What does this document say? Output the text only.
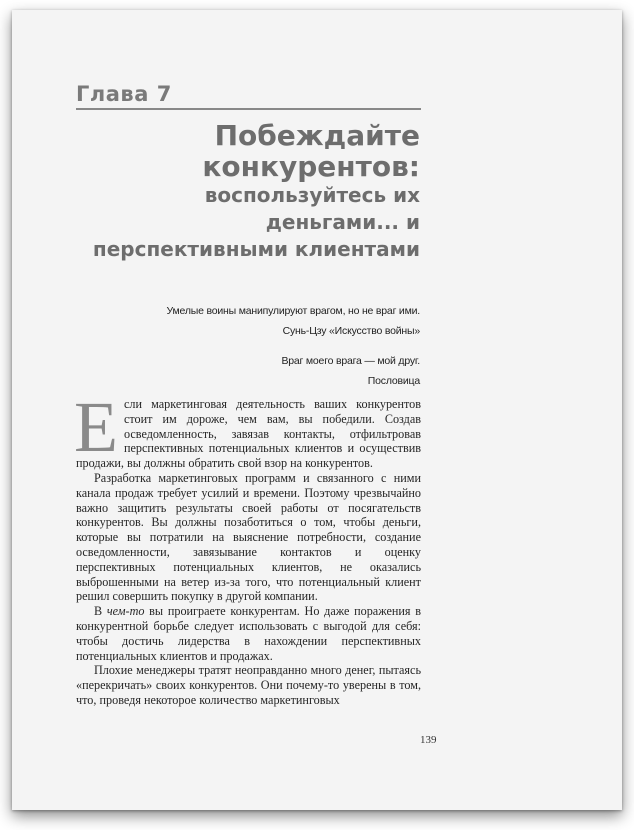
Глава 7
Побеждайте
конкурентов:
воспользуйтесь их
деньгами... и
перспективными клиентами
Умелые воины манипулируют врагом, но не враг ими.
Сунь-Цзу «Искусство войны»
Враг моего врага — мой друг.
Пословица

Если маркетинговая деятельность ваших конкурентов стоит им дороже, чем вам, вы победили. Создав осведомленность, завязав контакты, отфильтровав перспективных потенциальных клиентов и осуществив продажи, вы должны обратить свой взор на конкурентов.

Разработка маркетинговых программ и связанного с ними канала продаж требует усилий и времени. Поэтому чрезвычайно важно защитить результаты своей работы от посягательств конкурентов. Вы должны позаботиться о том, чтобы деньги, которые вы потратили на выяснение потребности, создание осведомленности, завязывание контактов и оценку перспективных потенциальных клиентов, не оказались выброшенными на ветер из-за того, что потенциальный клиент решил совершить покупку в другой компании.

В чем-то вы проиграете конкурентам. Но даже поражения в конкурентной борьбе следует использовать с выгодой для себя: чтобы достичь лидерства в нахождении перспективных потенциальных клиентов и продажах.

Плохие менеджеры тратят неоправданно много денег, пытаясь «перекричать» своих конкурентов. Они почему-то уверены в том, что, проведя некоторое количество маркетинговых

139
